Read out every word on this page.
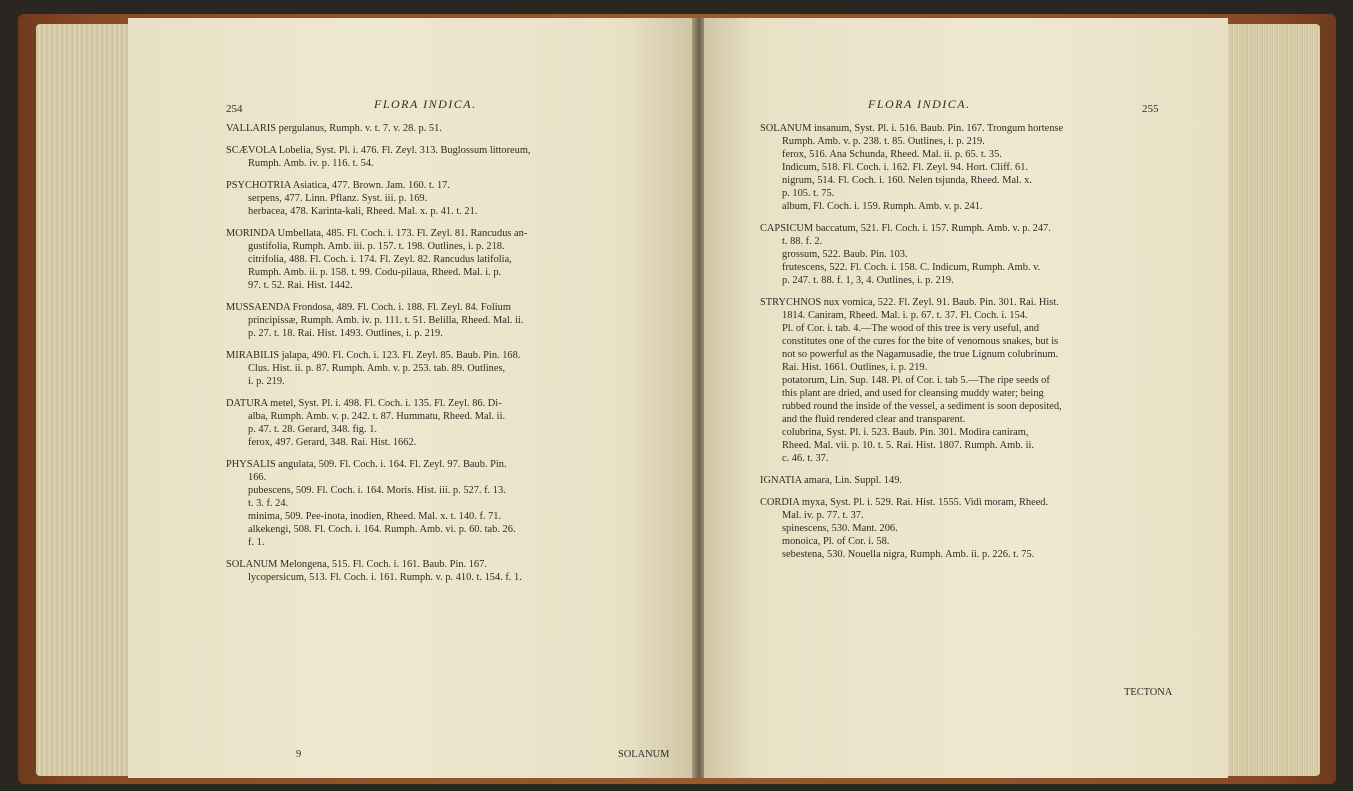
254	FLORA INDICA.
VALLARIS pergulanus, Rumph. v. t. 7. v. 28. p. 51.
SCÆVOLA Lobelia, Syst. Pl. i. 476. Fl. Zeyl. 313. Buglossum littoreum,
Rumph. Amb. iv. p. 116. t. 54.
PSYCHOTRIA Asiatica, 477. Brown. Jam. 160. t. 17.
serpens, 477. Linn. Pflanz. Syst. iii. p. 169.
herbacea, 478. Karinta-kali, Rheed. Mal. x. p. 41. t. 21.
MORINDA Umbellata, 485. Fl. Coch. i. 173. Fl. Zeyl. 81. Rancudus an-
gustifolia, Rumph. Amb. iii. p. 157. t. 198. Outlines, i. p. 218.
citrifolia, 488. Fl. Coch. i. 174. Fl. Zeyl. 82. Rancudus latifolia,
Rumph. Amb. ii. p. 158. t. 99. Codu-pilaua, Rheed. Mal. i. p.
97. t. 52. Rai. Hist. 1442.
MUSSAENDA Frondosa, 489. Fl. Coch. i. 188. Fl. Zeyl. 84. Folium
principissæ, Rumph. Amb. iv. p. 111. t. 51. Belilla, Rheed. Mal. ii.
p. 27. t. 18. Rai. Hist. 1493. Outlines, i. p. 219.
MIRABILIS jalapa, 490. Fl. Coch. i. 123. Fl. Zeyl. 85. Baub. Pin. 168.
Clus. Hist. ii. p. 87. Rumph. Amb. v. p. 253. tab. 89. Outlines,
i. p. 219.
DATURA metel, Syst. Pl. i. 498. Fl. Coch. i. 135. Fl. Zeyl. 86. Di-
alba, Rumph. Amb. v. p. 242. t. 87. Hummatu, Rheed. Mal. ii.
p. 47. t. 28. Gerard, 348. fig. 1.
ferox, 497. Gerard, 348. Rai. Hist. 1662.
PHYSALIS angulata, 509. Fl. Coch. i. 164. Fl. Zeyl. 97. Baub. Pin.
166.
pubescens, 509. Fl. Coch. i. 164. Moris. Hist. iii. p. 527. f. 13.
t. 3. f. 24.
minima, 509. Pee-inota, inodien, Rheed. Mal. x. t. 140. f. 71.
alkekengi, 508. Fl. Coch. i. 164. Rumph. Amb. vi. p. 60. tab. 26.
f. 1.
SOLANUM Melongena, 515. Fl. Coch. i. 161. Baub. Pin. 167.
lycopersicum, 513. Fl. Coch. i. 161. Rumph. v. p. 410. t. 154. f. 1.
9	SOLANUM
FLORA INDICA.	255
SOLANUM insanum, Syst. Pl. i. 516. Baub. Pin. 167. Trongum hortense
Rumph. Amb. v. p. 238. t. 85. Outlines, i. p. 219.
ferox, 516. Ana Schunda, Rheed. Mal. ii. p. 65. t. 35.
Indicum, 518. Fl. Coch. i. 162. Fl. Zeyl. 94. Hort. Cliff. 61.
nigrum, 514. Fl. Coch. i. 160. Nelen tsjunda, Rheed. Mal. x.
p. 105. t. 75.
album, Fl. Coch. i. 159. Rumph. Amb. v. p. 241.
CAPSICUM baccatum, 521. Fl. Coch. i. 157. Rumph. Amb. v. p. 247.
t. 88. f. 2.
grossum, 522. Baub. Pin. 103.
frutescens, 522. Fl. Coch. i. 158. C. Indicum, Rumph. Amb. v.
p. 247. t. 88. f. 1, 3, 4. Outlines, i. p. 219.
STRYCHNOS nux vomica, 522. Fl. Zeyl. 91. Baub. Pin. 301. Rai. Hist.
1814. Caniram, Rheed. Mal. i. p. 67. t. 37. Fl. Coch. i. 154.
Pl. of Cor. i. tab. 4.—The wood of this tree is very useful, and
constitutes one of the cures for the bite of venomous snakes, but is
not so powerful as the Nagamusadie, the true Lignum colubrinum.
Rai. Hist. 1661. Outlines, i. p. 219.
potatorum, Lin. Sup. 148. Pl. of Cor. i. tab 5.—The ripe seeds of
this plant are dried, and used for cleansing muddy water; being
rubbed round the inside of the vessel, a sediment is soon deposited,
and the fluid rendered clear and transparent.
colubrina, Syst. Pl. i. 523. Baub. Pin. 301. Modira caniram,
Rheed. Mal. vii. p. 10. t. 5. Rai. Hist. 1807. Rumph. Amb. ii.
c. 46. t. 37.
IGNATIA amara, Lin. Suppl. 149.
CORDIA myxa, Syst. Pl. i. 529. Rai. Hist. 1555. Vidi moram, Rheed.
Mal. iv. p. 77. t. 37.
spinescens, 530. Mant. 206.
monoica, Pl. of Cor. i. 58.
sebestena, 530. Nouella nigra, Rumph. Amb. ii. p. 226. t. 75.
TECTONA
